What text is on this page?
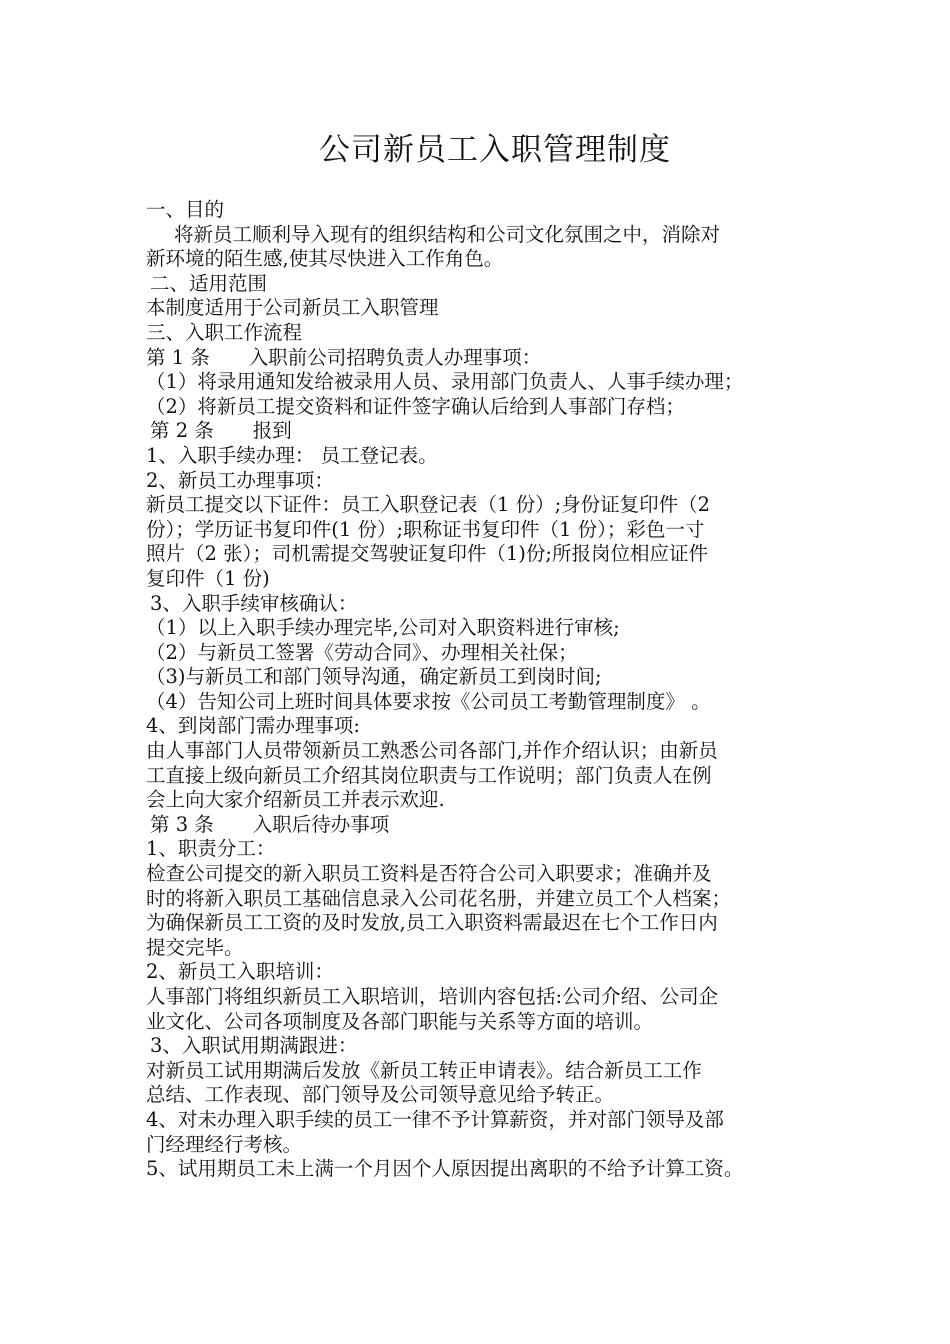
公司新员工入职管理制度
一、目的
将新员工顺利导入现有的组织结构和公司文化氛围之中，消除对
新环境的陌生感,使其尽快进入工作角色。
二、适用范围
本制度适用于公司新员工入职管理
三、入职工作流程
第 1 条　　入职前公司招聘负责人办理事项：
（1）将录用通知发给被录用人员、录用部门负责人、人事手续办理；
（2）将新员工提交资料和证件签字确认后给到人事部门存档；
第 2 条　　报到
1、入职手续办理： 员工登记表。
2、新员工办理事项：
新员工提交以下证件：员工入职登记表（1 份）;身份证复印件（2
份）；学历证书复印件(1 份）;职称证书复印件（1 份）；彩色一寸
照片（2 张）；司机需提交驾驶证复印件（1)份;所报岗位相应证件
复印件（1 份)
3、入职手续审核确认：
（1）以上入职手续办理完毕,公司对入职资料进行审核;
（2）与新员工签署《劳动合同》、办理相关社保；
（3)与新员工和部门领导沟通，确定新员工到岗时间;
（4）告知公司上班时间具体要求按《公司员工考勤管理制度》 。
4、到岗部门需办理事项:
由人事部门人员带领新员工熟悉公司各部门,并作介绍认识；由新员
工直接上级向新员工介绍其岗位职责与工作说明；部门负责人在例
会上向大家介绍新员工并表示欢迎.
第 3 条　　入职后待办事项
1、职责分工：
检查公司提交的新入职员工资料是否符合公司入职要求；准确并及
时的将新入职员工基础信息录入公司花名册，并建立员工个人档案；
为确保新员工工资的及时发放,员工入职资料需最迟在七个工作日内
提交完毕。
2、新员工入职培训：
人事部门将组织新员工入职培训，培训内容包括:公司介绍、公司企
业文化、公司各项制度及各部门职能与关系等方面的培训。
3、入职试用期满跟进：
对新员工试用期满后发放《新员工转正申请表》。结合新员工工作
总结、工作表现、部门领导及公司领导意见给予转正。
4、对未办理入职手续的员工一律不予计算薪资，并对部门领导及部
门经理经行考核。
5、试用期员工未上满一个月因个人原因提出离职的不给予计算工资。
